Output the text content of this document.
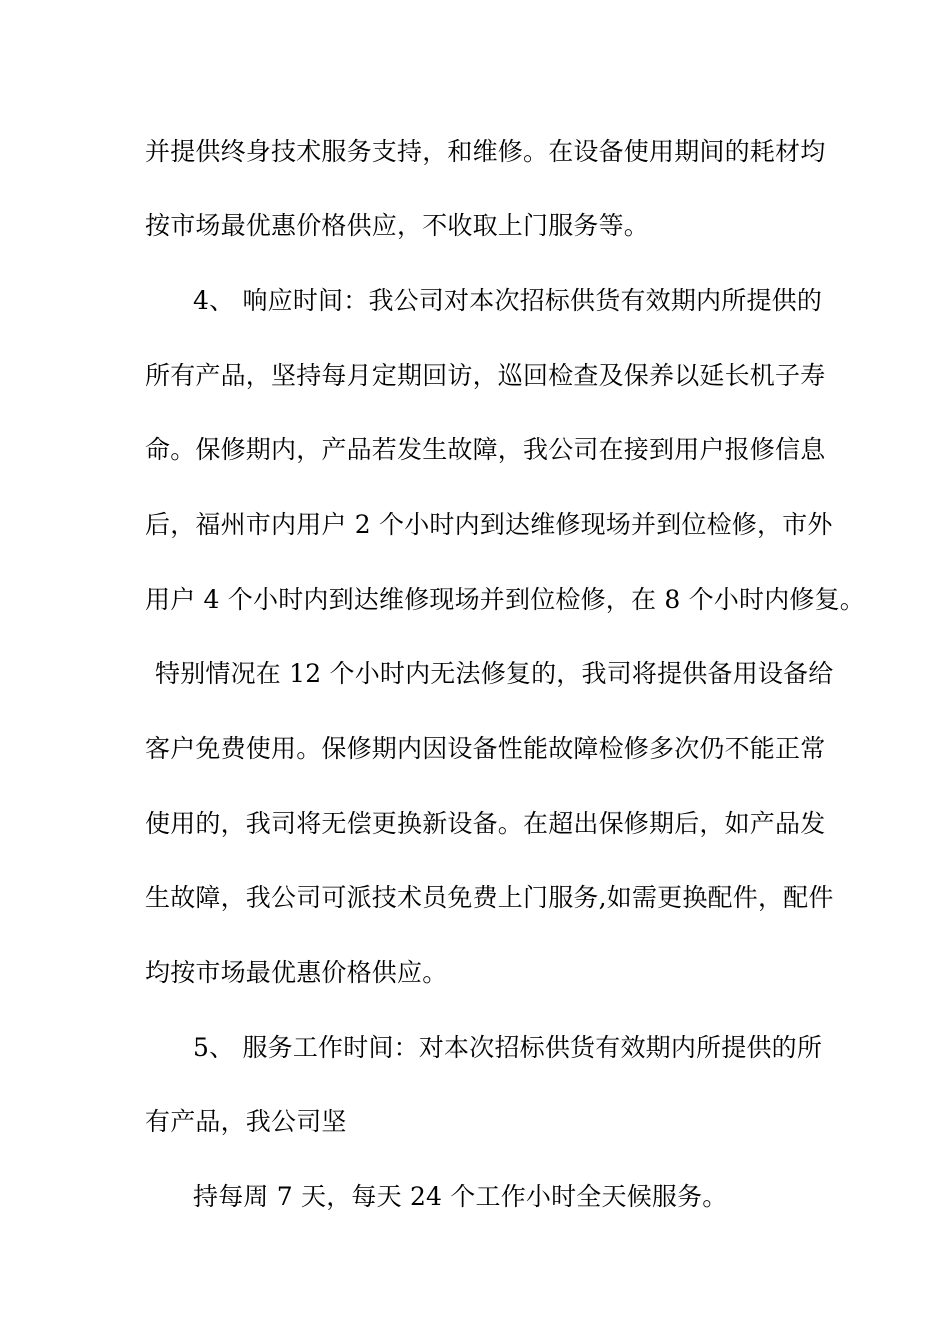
并提供终身技术服务支持，和维修。在设备使用期间的耗材均
按市场最优惠价格供应，不收取上门服务等。
4、 响应时间：我公司对本次招标供货有效期内所提供的
所有产品，坚持每月定期回访，巡回检查及保养以延长机子寿
命。保修期内，产品若发生故障，我公司在接到用户报修信息
后，福州市内用户 2 个小时内到达维修现场并到位检修，市外
用户 4 个小时内到达维修现场并到位检修，在 8 个小时内修复。
特别情况在 12 个小时内无法修复的，我司将提供备用设备给
客户免费使用。保修期内因设备性能故障检修多次仍不能正常
使用的，我司将无偿更换新设备。在超出保修期后，如产品发
生故障，我公司可派技术员免费上门服务,如需更换配件，配件
均按市场最优惠价格供应。
5、 服务工作时间：对本次招标供货有效期内所提供的所
有产品，我公司坚
持每周 7 天，每天 24 个工作小时全天候服务。
